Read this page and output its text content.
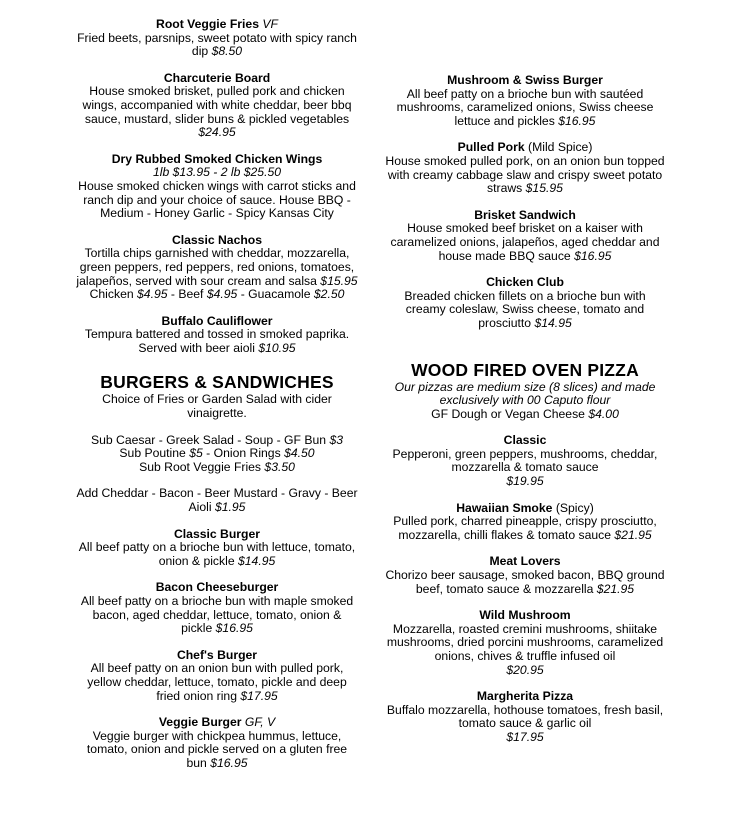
Root Veggie Fries VF
Fried beets, parsnips, sweet potato with spicy ranch dip $8.50
Charcuterie Board
House smoked brisket, pulled pork and chicken wings, accompanied with white cheddar, beer bbq sauce, mustard, slider buns & pickled vegetables $24.95
Dry Rubbed Smoked Chicken Wings
1lb $13.95 - 2 lb $25.50
House smoked chicken wings with carrot sticks and ranch dip and your choice of sauce. House BBQ - Medium - Honey Garlic - Spicy Kansas City
Classic Nachos
Tortilla chips garnished with cheddar, mozzarella, green peppers, red peppers, red onions, tomatoes, jalapeños, served with sour cream and salsa $15.95
Chicken $4.95 - Beef $4.95 - Guacamole $2.50
Buffalo Cauliflower
Tempura battered and tossed in smoked paprika. Served with beer aioli $10.95
BURGERS & SANDWICHES
Choice of Fries or Garden Salad with cider vinaigrette.
Sub Caesar - Greek Salad - Soup - GF Bun $3
Sub Poutine $5 - Onion Rings $4.50
Sub Root Veggie Fries $3.50
Add Cheddar - Bacon - Beer Mustard - Gravy - Beer Aioli $1.95
Classic Burger
All beef patty on a brioche bun with lettuce, tomato, onion & pickle $14.95
Bacon Cheeseburger
All beef patty on a brioche bun with maple smoked bacon, aged cheddar, lettuce, tomato, onion & pickle $16.95
Chef's Burger
All beef patty on an onion bun with pulled pork, yellow cheddar, lettuce, tomato, pickle and deep fried onion ring $17.95
Veggie Burger GF, V
Veggie burger with chickpea hummus, lettuce, tomato, onion and pickle served on a gluten free bun $16.95
Mushroom & Swiss Burger
All beef patty on a brioche bun with sautéed mushrooms, caramelized onions, Swiss cheese lettuce and pickles $16.95
Pulled Pork (Mild Spice)
House smoked pulled pork, on an onion bun topped with creamy cabbage slaw and crispy sweet potato straws $15.95
Brisket Sandwich
House smoked beef brisket on a kaiser with caramelized onions, jalapeños, aged cheddar and house made BBQ sauce $16.95
Chicken Club
Breaded chicken fillets on a brioche bun with creamy coleslaw, Swiss cheese, tomato and prosciutto $14.95
WOOD FIRED OVEN PIZZA
Our pizzas are medium size (8 slices) and made exclusively with 00 Caputo flour
GF Dough or Vegan Cheese $4.00
Classic
Pepperoni, green peppers, mushrooms, cheddar, mozzarella & tomato sauce
$19.95
Hawaiian Smoke (Spicy)
Pulled pork, charred pineapple, crispy prosciutto, mozzarella, chilli flakes & tomato sauce $21.95
Meat Lovers
Chorizo beer sausage, smoked bacon, BBQ ground beef, tomato sauce & mozzarella $21.95
Wild Mushroom
Mozzarella, roasted cremini mushrooms, shiitake mushrooms, dried porcini mushrooms, caramelized onions, chives & truffle infused oil
$20.95
Margherita Pizza
Buffalo mozzarella, hothouse tomatoes, fresh basil, tomato sauce & garlic oil
$17.95
